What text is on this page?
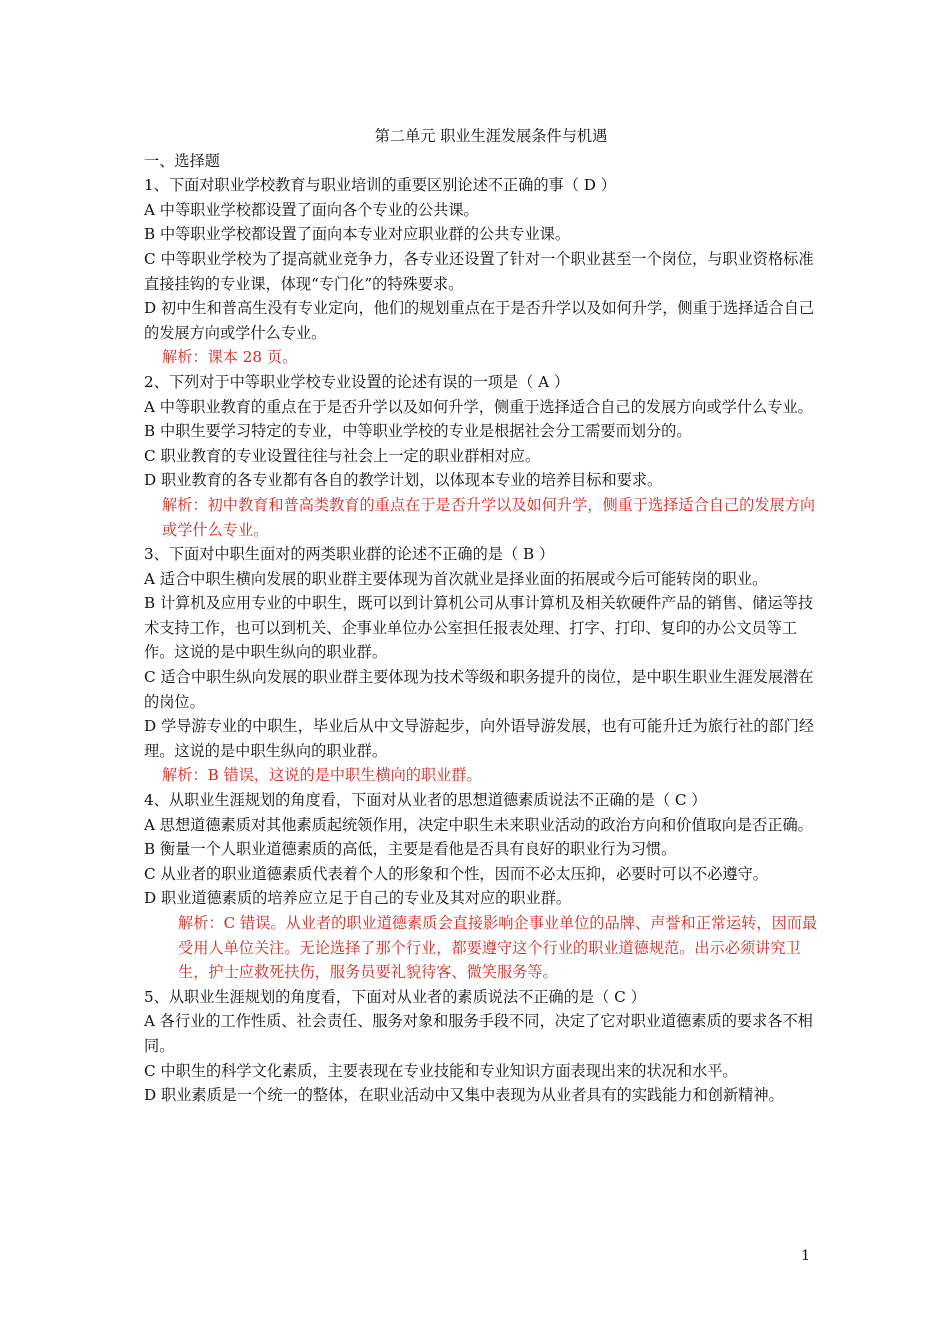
第二单元 职业生涯发展条件与机遇
一、选择题
1、下面对职业学校教育与职业培训的重要区别论述不正确的事（ D ）
A 中等职业学校都设置了面向各个专业的公共课。
B 中等职业学校都设置了面向本专业对应职业群的公共专业课。
C 中等职业学校为了提高就业竞争力，各专业还设置了针对一个职业甚至一个岗位，与职业资格标准直接挂钩的专业课，体现“专门化”的特殊要求。
D 初中生和普高生没有专业定向，他们的规划重点在于是否升学以及如何升学，侧重于选择适合自己的发展方向或学什么专业。
解析：课本 28 页。
2、下列对于中等职业学校专业设置的论述有误的一项是（ A ）
A 中等职业教育的重点在于是否升学以及如何升学，侧重于选择适合自己的发展方向或学什么专业。
B 中职生要学习特定的专业，中等职业学校的专业是根据社会分工需要而划分的。
C 职业教育的专业设置往往与社会上一定的职业群相对应。
D 职业教育的各专业都有各自的教学计划，以体现本专业的培养目标和要求。
解析：初中教育和普高类教育的重点在于是否升学以及如何升学，侧重于选择适合自己的发展方向或学什么专业。
3、下面对中职生面对的两类职业群的论述不正确的是（ B ）
A 适合中职生横向发展的职业群主要体现为首次就业是择业面的拓展或今后可能转岗的职业。
B 计算机及应用专业的中职生，既可以到计算机公司从事计算机及相关软硬件产品的销售、储运等技术支持工作，也可以到机关、企事业单位办公室担任报表处理、打字、打印、复印的办公文员等工作。这说的是中职生纵向的职业群。
C 适合中职生纵向发展的职业群主要体现为技术等级和职务提升的岗位，是中职生职业生涯发展潜在的岗位。
D 学导游专业的中职生，毕业后从中文导游起步，向外语导游发展，也有可能升迁为旅行社的部门经理。这说的是中职生纵向的职业群。
解析：B 错误，这说的是中职生横向的职业群。
4、从职业生涯规划的角度看，下面对从业者的思想道德素质说法不正确的是（ C ）
A 思想道德素质对其他素质起统领作用，决定中职生未来职业活动的政治方向和价值取向是否正确。
B 衡量一个人职业道德素质的高低，主要是看他是否具有良好的职业行为习惯。
C 从业者的职业道德素质代表着个人的形象和个性，因而不必太压抑，必要时可以不必遵守。
D 职业道德素质的培养应立足于自己的专业及其对应的职业群。
解析：C 错误。从业者的职业道德素质会直接影响企事业单位的品牌、声誉和正常运转，因而最受用人单位关注。无论选择了那个行业，都要遵守这个行业的职业道德规范。出示必须讲究卫生，护士应救死扶伤，服务员要礼貌待客、微笑服务等。
5、从职业生涯规划的角度看，下面对从业者的素质说法不正确的是（ C ）
A 各行业的工作性质、社会责任、服务对象和服务手段不同，决定了它对职业道德素质的要求各不相同。
C 中职生的科学文化素质，主要表现在专业技能和专业知识方面表现出来的状况和水平。
D 职业素质是一个统一的整体，在职业活动中又集中表现为从业者具有的实践能力和创新精神。
1
